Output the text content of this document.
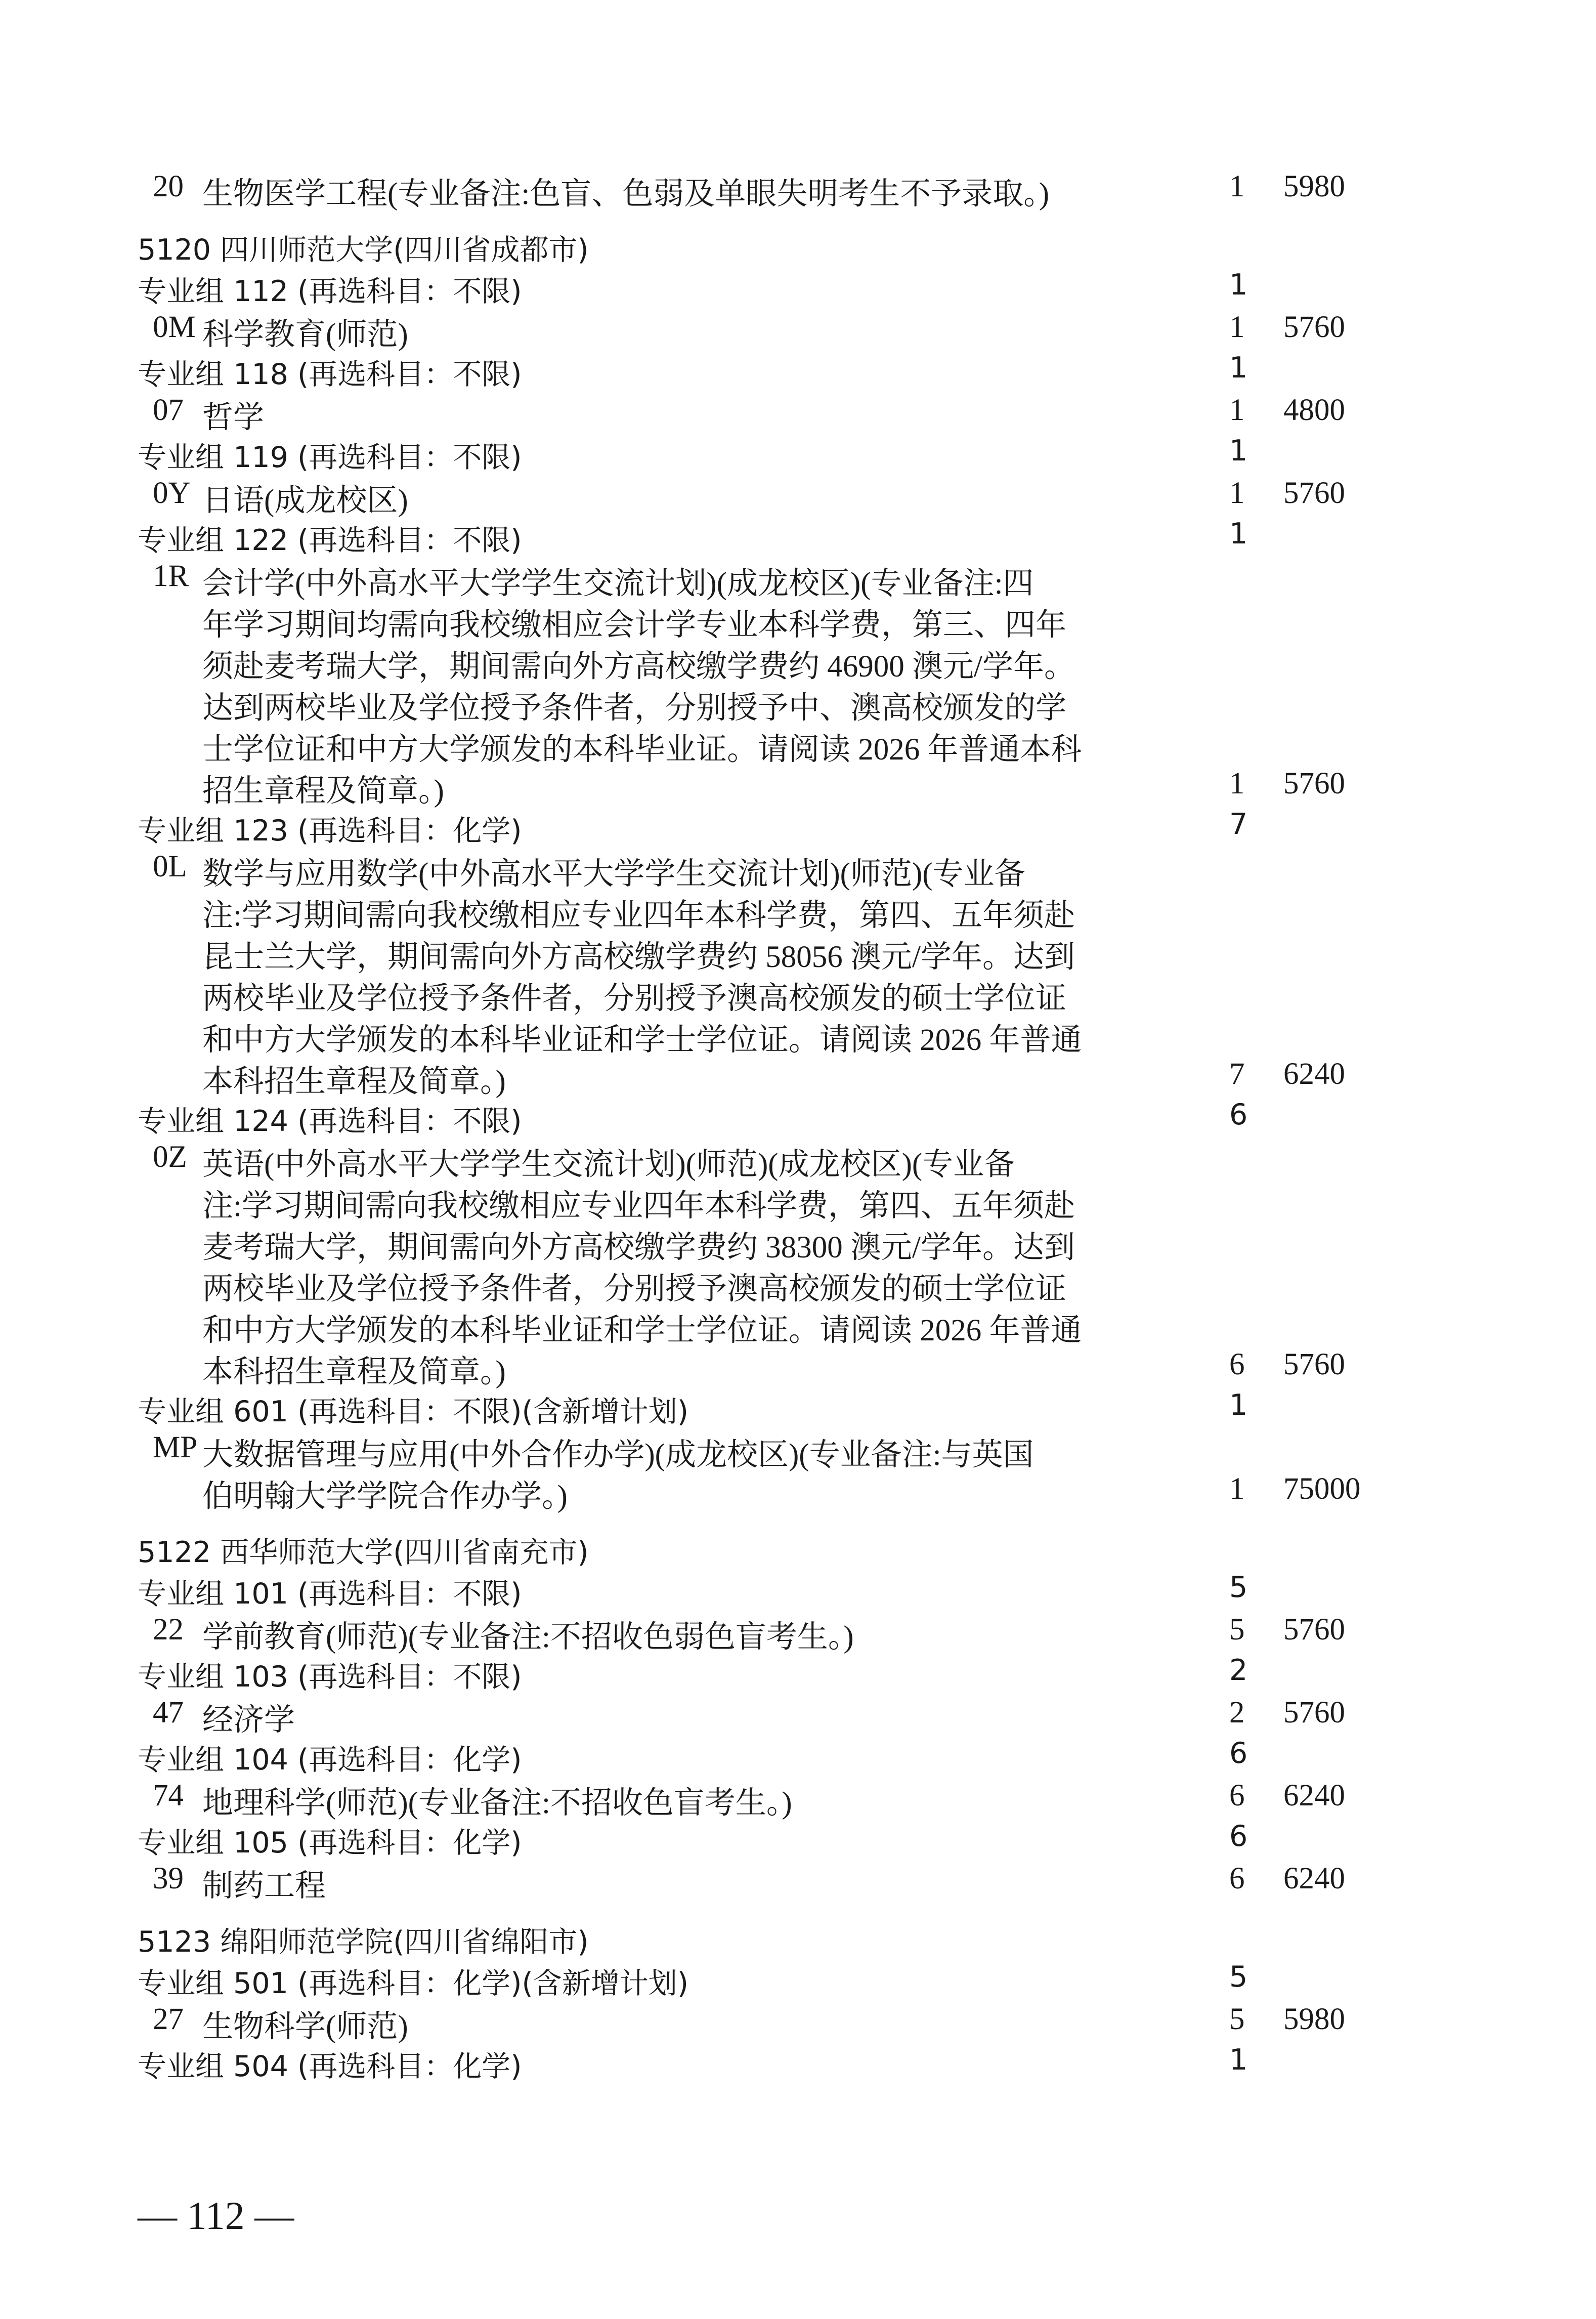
20 生物医学工程(专业备注:色盲、色弱及单眼失明考生不予录取。)	1 5980
5120 四川师范大学(四川省成都市)
专业组 112 (再选科目：不限)	1
0M 科学教育(师范)	1 5760
专业组 118 (再选科目：不限)	1
07 哲学	1 4800
专业组 119 (再选科目：不限)	1
0Y 日语(成龙校区)	1 5760
专业组 122 (再选科目：不限)	1
1R 会计学(中外高水平大学学生交流计划)(成龙校区)(专业备注:四
年学习期间均需向我校缴相应会计学专业本科学费，第三、四年
须赴麦考瑞大学，期间需向外方高校缴学费约 46900 澳元/学年。
达到两校毕业及学位授予条件者，分别授予中、澳高校颁发的学
士学位证和中方大学颁发的本科毕业证。请阅读 2026 年普通本科
招生章程及简章。)	1 5760
专业组 123 (再选科目：化学)	7
0L 数学与应用数学(中外高水平大学学生交流计划)(师范)(专业备
注:学习期间需向我校缴相应专业四年本科学费，第四、五年须赴
昆士兰大学，期间需向外方高校缴学费约 58056 澳元/学年。达到
两校毕业及学位授予条件者，分别授予澳高校颁发的硕士学位证
和中方大学颁发的本科毕业证和学士学位证。请阅读 2026 年普通
本科招生章程及简章。)	7 6240
专业组 124 (再选科目：不限)	6
0Z 英语(中外高水平大学学生交流计划)(师范)(成龙校区)(专业备
注:学习期间需向我校缴相应专业四年本科学费，第四、五年须赴
麦考瑞大学，期间需向外方高校缴学费约 38300 澳元/学年。达到
两校毕业及学位授予条件者，分别授予澳高校颁发的硕士学位证
和中方大学颁发的本科毕业证和学士学位证。请阅读 2026 年普通
本科招生章程及简章。)	6 5760
专业组 601 (再选科目：不限)(含新增计划)	1
MP 大数据管理与应用(中外合作办学)(成龙校区)(专业备注:与英国
伯明翰大学学院合作办学。)	1 75000
5122 西华师范大学(四川省南充市)
专业组 101 (再选科目：不限)	5
22 学前教育(师范)(专业备注:不招收色弱色盲考生。)	5 5760
专业组 103 (再选科目：不限)	2
47 经济学	2 5760
专业组 104 (再选科目：化学)	6
74 地理科学(师范)(专业备注:不招收色盲考生。)	6 6240
专业组 105 (再选科目：化学)	6
39 制药工程	6 6240
5123 绵阳师范学院(四川省绵阳市)
专业组 501 (再选科目：化学)(含新增计划)	5
27 生物科学(师范)	5 5980
专业组 504 (再选科目：化学)	1
— 112 —
